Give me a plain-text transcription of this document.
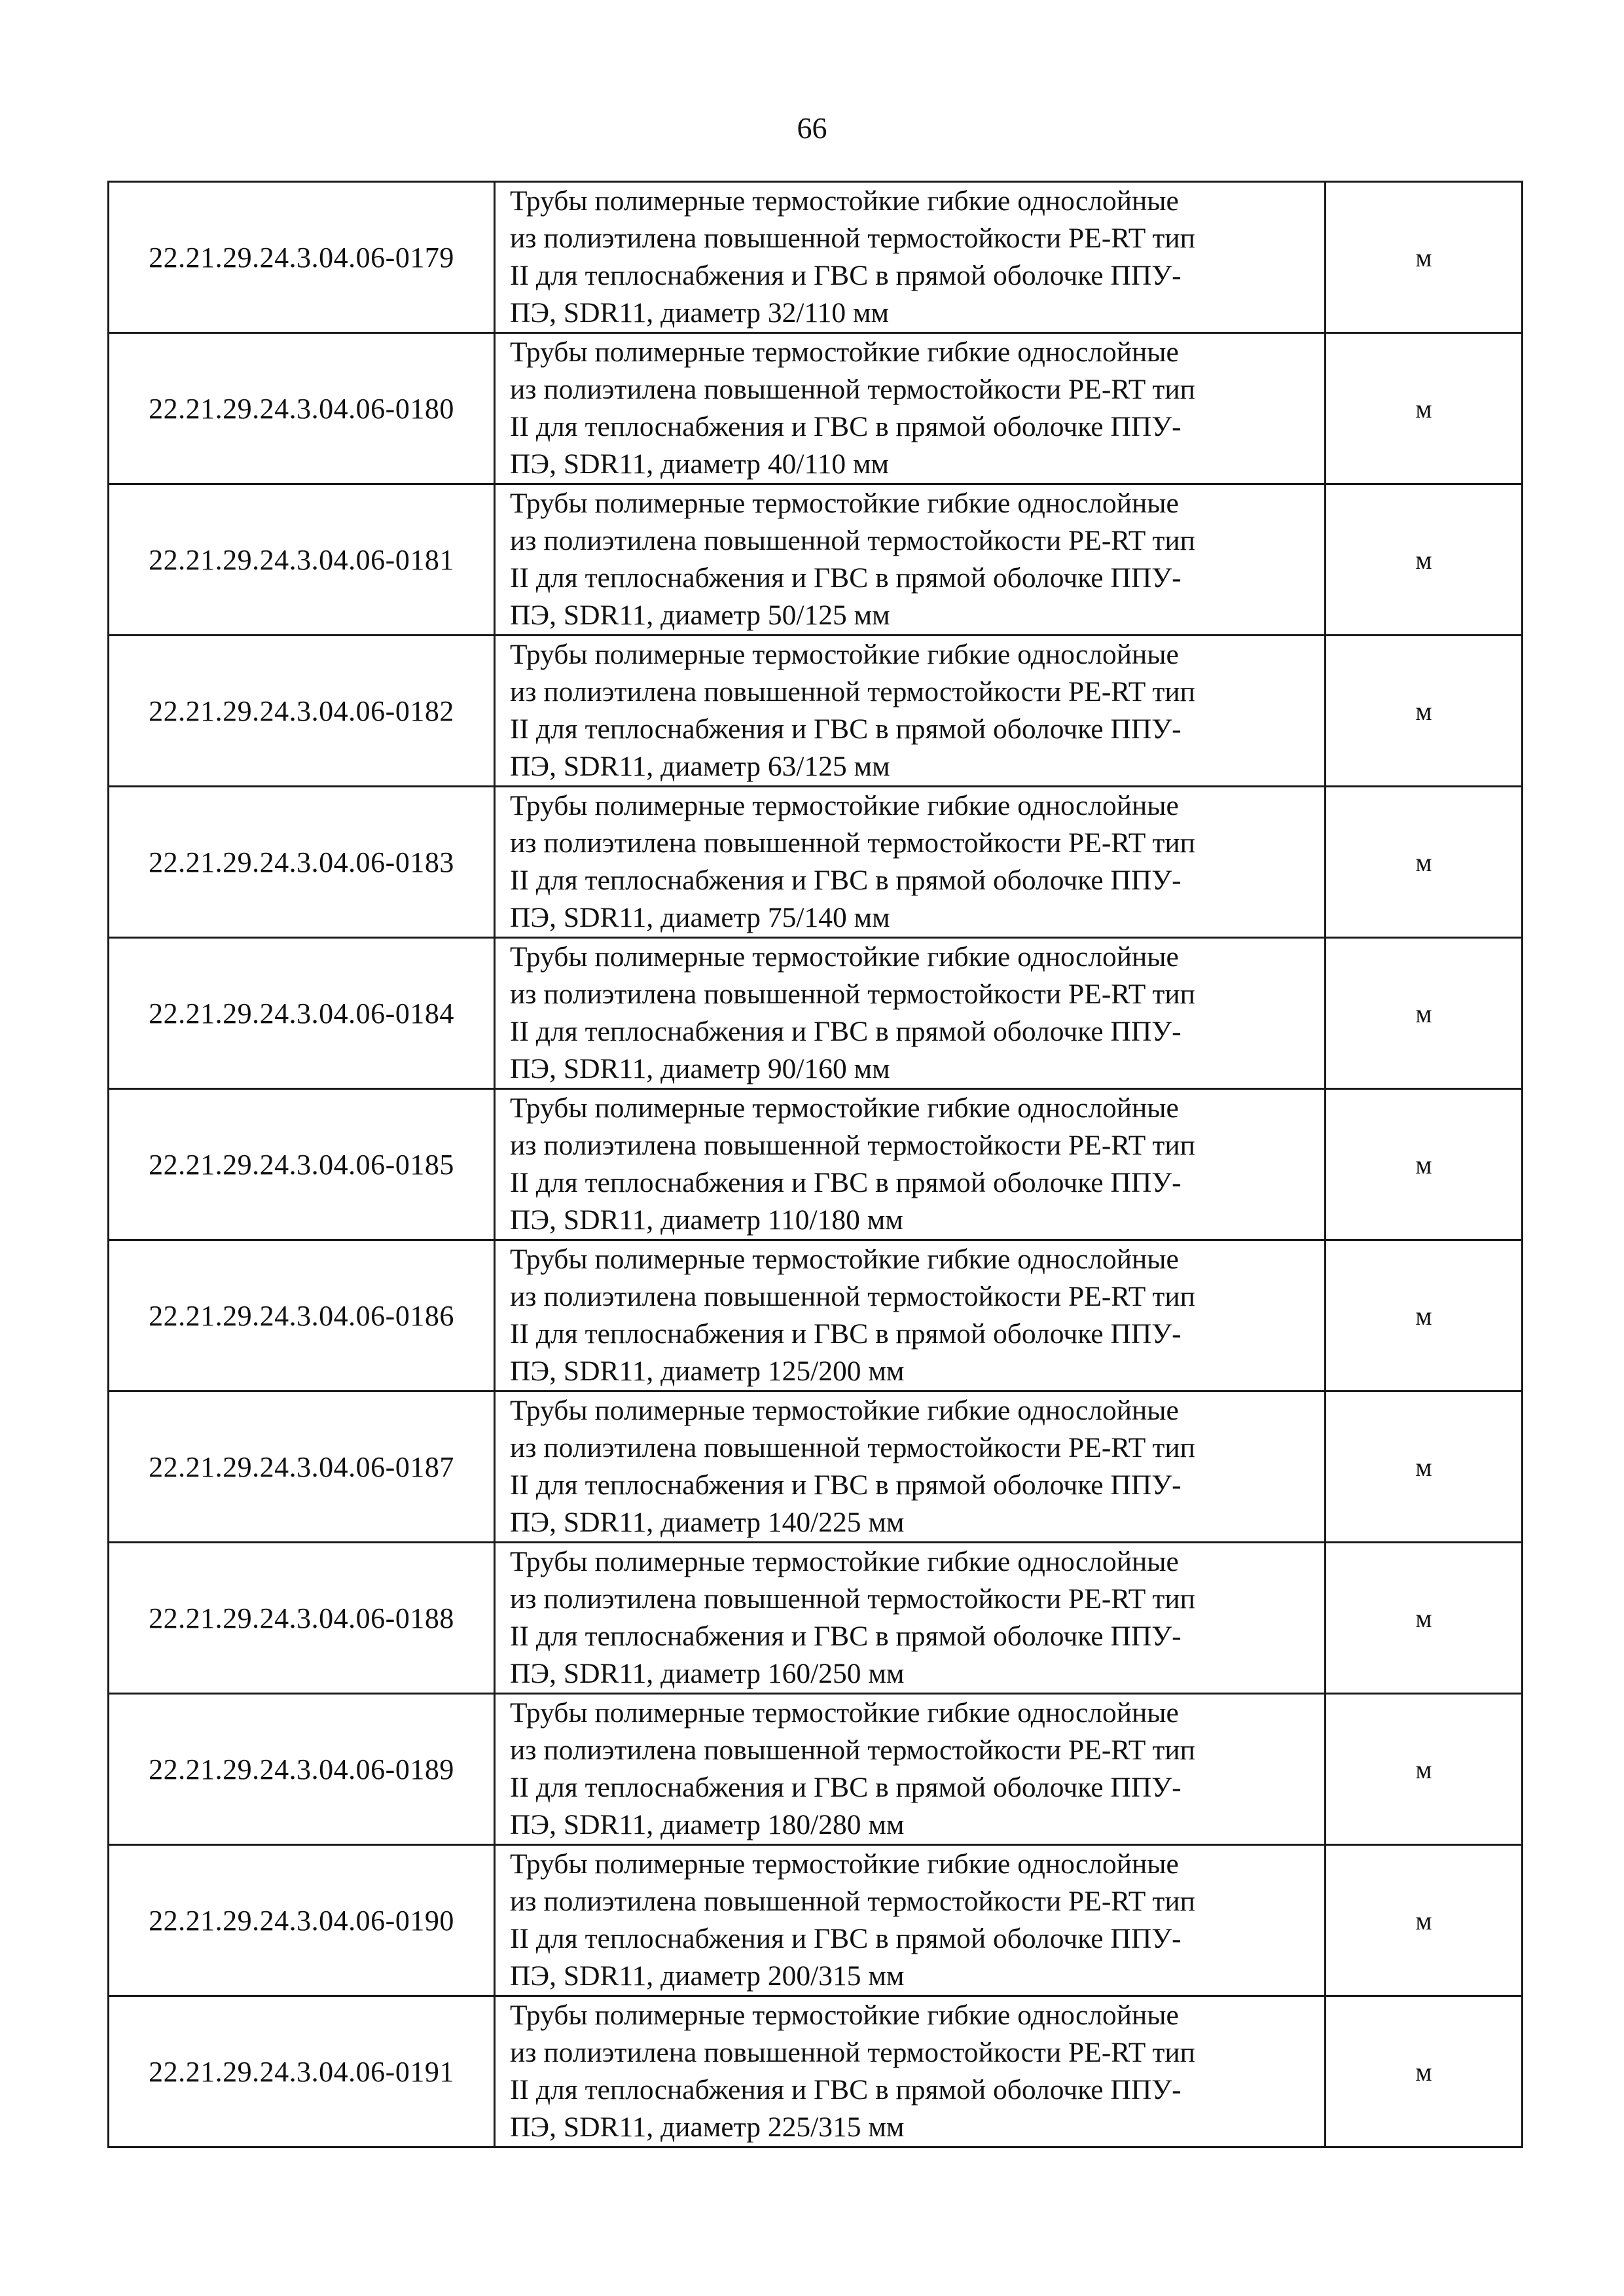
66
22.21.29.24.3.04.06-0179	Трубы полимерные термостойкие гибкие однослойные
из полиэтилена повышенной термостойкости PE-RT тип
II для теплоснабжения и ГВС в прямой оболочке ППУ-
ПЭ, SDR11, диаметр 32/110 мм	м
22.21.29.24.3.04.06-0180	Трубы полимерные термостойкие гибкие однослойные
из полиэтилена повышенной термостойкости PE-RT тип
II для теплоснабжения и ГВС в прямой оболочке ППУ-
ПЭ, SDR11, диаметр 40/110 мм	м
22.21.29.24.3.04.06-0181	Трубы полимерные термостойкие гибкие однослойные
из полиэтилена повышенной термостойкости PE-RT тип
II для теплоснабжения и ГВС в прямой оболочке ППУ-
ПЭ, SDR11, диаметр 50/125 мм	м
22.21.29.24.3.04.06-0182	Трубы полимерные термостойкие гибкие однослойные
из полиэтилена повышенной термостойкости PE-RT тип
II для теплоснабжения и ГВС в прямой оболочке ППУ-
ПЭ, SDR11, диаметр 63/125 мм	м
22.21.29.24.3.04.06-0183	Трубы полимерные термостойкие гибкие однослойные
из полиэтилена повышенной термостойкости PE-RT тип
II для теплоснабжения и ГВС в прямой оболочке ППУ-
ПЭ, SDR11, диаметр 75/140 мм	м
22.21.29.24.3.04.06-0184	Трубы полимерные термостойкие гибкие однослойные
из полиэтилена повышенной термостойкости PE-RT тип
II для теплоснабжения и ГВС в прямой оболочке ППУ-
ПЭ, SDR11, диаметр 90/160 мм	м
22.21.29.24.3.04.06-0185	Трубы полимерные термостойкие гибкие однослойные
из полиэтилена повышенной термостойкости PE-RT тип
II для теплоснабжения и ГВС в прямой оболочке ППУ-
ПЭ, SDR11, диаметр 110/180 мм	м
22.21.29.24.3.04.06-0186	Трубы полимерные термостойкие гибкие однослойные
из полиэтилена повышенной термостойкости PE-RT тип
II для теплоснабжения и ГВС в прямой оболочке ППУ-
ПЭ, SDR11, диаметр 125/200 мм	м
22.21.29.24.3.04.06-0187	Трубы полимерные термостойкие гибкие однослойные
из полиэтилена повышенной термостойкости PE-RT тип
II для теплоснабжения и ГВС в прямой оболочке ППУ-
ПЭ, SDR11, диаметр 140/225 мм	м
22.21.29.24.3.04.06-0188	Трубы полимерные термостойкие гибкие однослойные
из полиэтилена повышенной термостойкости PE-RT тип
II для теплоснабжения и ГВС в прямой оболочке ППУ-
ПЭ, SDR11, диаметр 160/250 мм	м
22.21.29.24.3.04.06-0189	Трубы полимерные термостойкие гибкие однослойные
из полиэтилена повышенной термостойкости PE-RT тип
II для теплоснабжения и ГВС в прямой оболочке ППУ-
ПЭ, SDR11, диаметр 180/280 мм	м
22.21.29.24.3.04.06-0190	Трубы полимерные термостойкие гибкие однослойные
из полиэтилена повышенной термостойкости PE-RT тип
II для теплоснабжения и ГВС в прямой оболочке ППУ-
ПЭ, SDR11, диаметр 200/315 мм	м
22.21.29.24.3.04.06-0191	Трубы полимерные термостойкие гибкие однослойные
из полиэтилена повышенной термостойкости PE-RT тип
II для теплоснабжения и ГВС в прямой оболочке ППУ-
ПЭ, SDR11, диаметр 225/315 мм	м
